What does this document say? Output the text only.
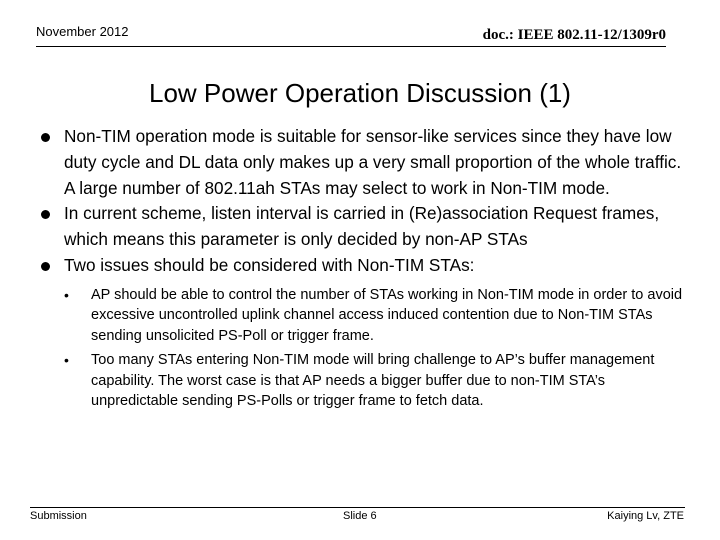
November 2012	doc.: IEEE 802.11-12/1309r0
Low Power Operation Discussion (1)
Non-TIM operation mode is suitable for sensor-like services since they have low duty cycle and DL data only makes up a very small proportion of the whole traffic. A large number of 802.11ah STAs may select to work in Non-TIM mode.
In current scheme, listen interval is carried in (Re)association Request frames, which means this parameter is only decided by non-AP STAs
Two issues should be considered with Non-TIM STAs:
• AP should be able to control the number of STAs working in Non-TIM mode in order to avoid excessive uncontrolled uplink channel access induced contention due to Non-TIM STAs sending unsolicited PS-Poll or trigger frame.
• Too many STAs entering Non-TIM mode will bring challenge to AP’s buffer management capability. The worst case is that AP needs a bigger buffer due to non-TIM STA’s unpredictable sending PS-Polls or trigger frame to fetch data.
Submission	Slide 6	Kaiying Lv, ZTE
